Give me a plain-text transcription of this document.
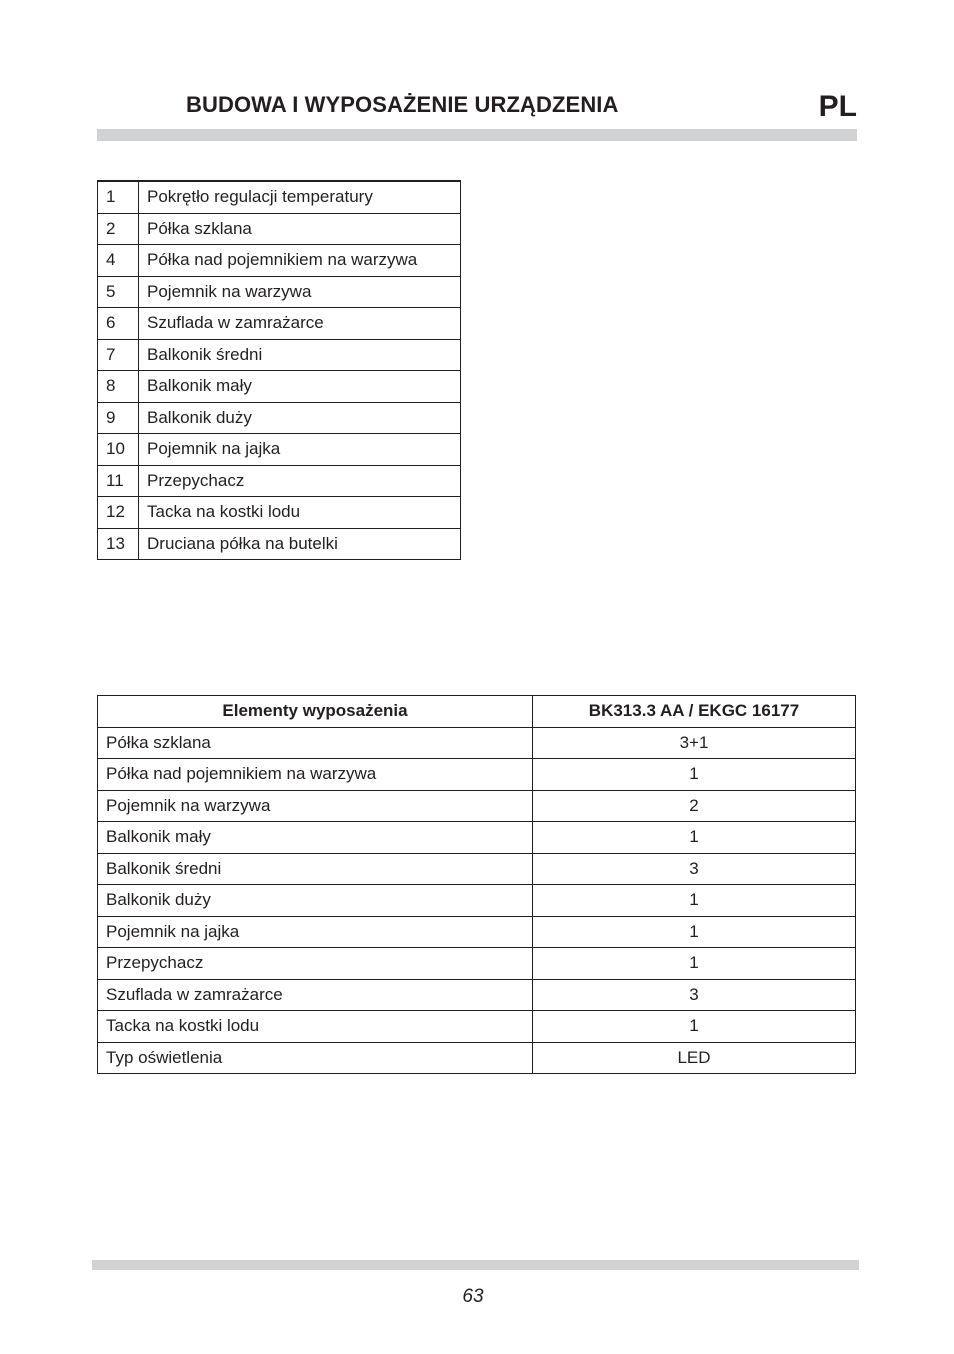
BUDOWA I WYPOSAŻENIE URZĄDZENIA	PL
1	Pokrętło regulacji temperatury
2	Półka szklana
4	Półka nad pojemnikiem na warzywa
5	Pojemnik na warzywa
6	Szuflada w zamrażarce
7	Balkonik średni
8	Balkonik mały
9	Balkonik duży
10	Pojemnik na jajka
11	Przepychacz
12	Tacka na kostki lodu
13	Druciana półka na butelki
Elementy wyposażenia	BK313.3 AA / EKGC 16177
Półka szklana	3+1
Półka nad pojemnikiem na warzywa	1
Pojemnik na warzywa	2
Balkonik mały	1
Balkonik średni	3
Balkonik duży	1
Pojemnik na jajka	1
Przepychacz	1
Szuflada w zamrażarce	3
Tacka na kostki lodu	1
Typ oświetlenia	LED
63
